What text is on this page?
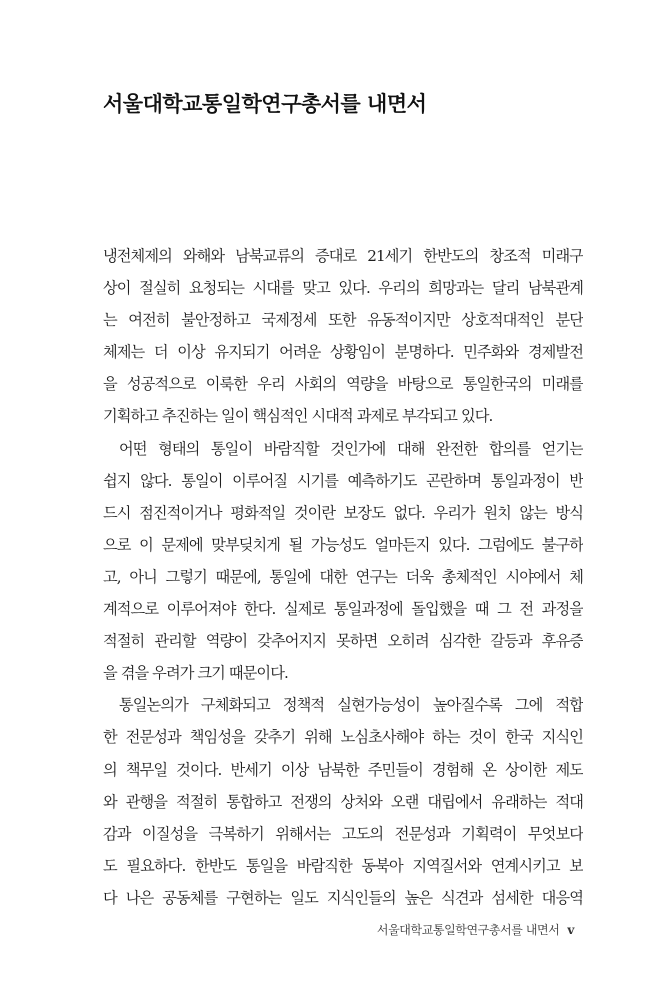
서울대학교통일학연구총서를 내면서
냉전체제의 와해와 남북교류의 증대로 21세기 한반도의 창조적 미래구
상이 절실히 요청되는 시대를 맞고 있다. 우리의 희망과는 달리 남북관계
는 여전히 불안정하고 국제정세 또한 유동적이지만 상호적대적인 분단
체제는 더 이상 유지되기 어려운 상황임이 분명하다. 민주화와 경제발전
을 성공적으로 이룩한 우리 사회의 역량을 바탕으로 통일한국의 미래를
기획하고 추진하는 일이 핵심적인 시대적 과제로 부각되고 있다.
어떤 형태의 통일이 바람직할 것인가에 대해 완전한 합의를 얻기는
쉽지 않다. 통일이 이루어질 시기를 예측하기도 곤란하며 통일과정이 반
드시 점진적이거나 평화적일 것이란 보장도 없다. 우리가 원치 않는 방식
으로 이 문제에 맞부딪치게 될 가능성도 얼마든지 있다. 그럼에도 불구하
고, 아니 그렇기 때문에, 통일에 대한 연구는 더욱 총체적인 시야에서 체
계적으로 이루어져야 한다. 실제로 통일과정에 돌입했을 때 그 전 과정을
적절히 관리할 역량이 갖추어지지 못하면 오히려 심각한 갈등과 후유증
을 겪을 우려가 크기 때문이다.
통일논의가 구체화되고 정책적 실현가능성이 높아질수록 그에 적합
한 전문성과 책임성을 갖추기 위해 노심초사해야 하는 것이 한국 지식인
의 책무일 것이다. 반세기 이상 남북한 주민들이 경험해 온 상이한 제도
와 관행을 적절히 통합하고 전쟁의 상처와 오랜 대립에서 유래하는 적대
감과 이질성을 극복하기 위해서는 고도의 전문성과 기획력이 무엇보다
도 필요하다. 한반도 통일을 바람직한 동북아 지역질서와 연계시키고 보
다 나은 공동체를 구현하는 일도 지식인들의 높은 식견과 섬세한 대응역
서울대학교통일학연구총서를 내면서 v
